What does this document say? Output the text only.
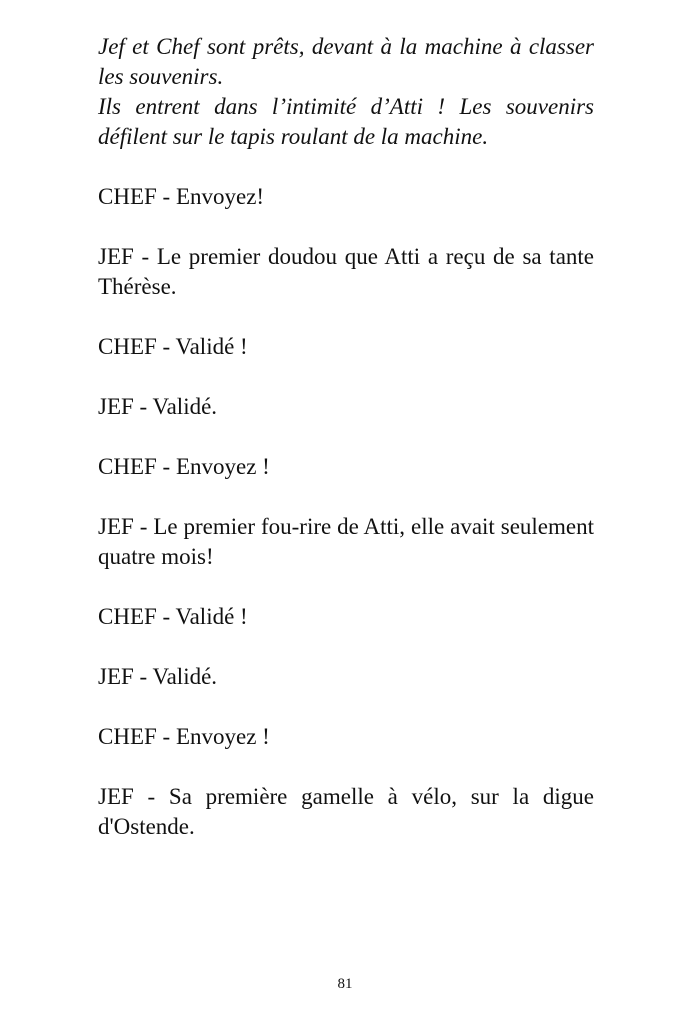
Jef et Chef sont prêts, devant à la machine à classer les souvenirs.

Ils entrent dans l’intimité d’Atti ! Les souvenirs défilent sur le tapis roulant de la machine.

CHEF - Envoyez!

JEF - Le premier doudou que Atti a reçu de sa tante Thérèse.

CHEF - Validé !

JEF - Validé.

CHEF - Envoyez !

JEF - Le premier fou-rire de Atti, elle avait seulement quatre mois!

CHEF - Validé !

JEF - Validé.

CHEF - Envoyez !

JEF - Sa première gamelle à vélo, sur la digue d'Ostende.

81
